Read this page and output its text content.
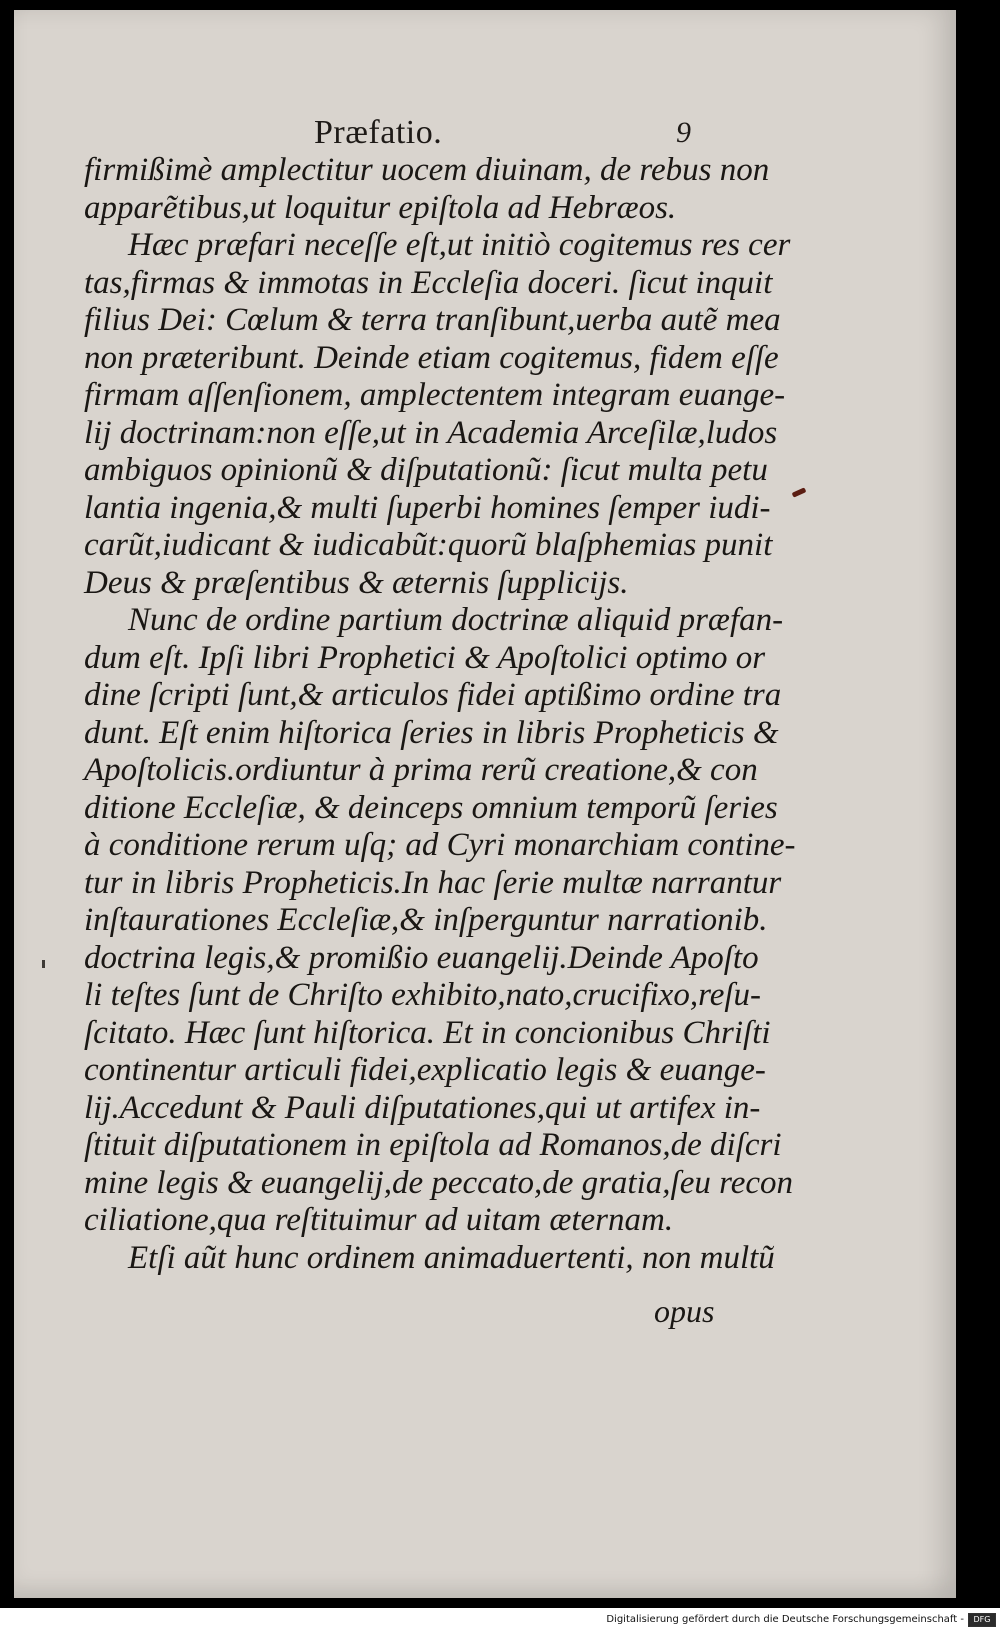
Præfatio.	9
firmißimè amplectitur uocem diuinam, de rebus non
apparẽtibus,ut loquitur epiſtola ad Hebræos.
Hæc præfari neceſſe eſt,ut initiò cogitemus res cer
tas,firmas & immotas in Eccleſia doceri. ſicut inquit
filius Dei: Cœlum & terra tranſibunt,uerba autẽ mea
non præteribunt. Deinde etiam cogitemus, fidem eſſe
firmam aſſenſionem, amplectentem integram euange-
lij doctrinam:non eſſe,ut in Academia Arceſilæ,ludos
ambiguos opinionũ & diſputationũ: ſicut multa petu
lantia ingenia,& multi ſuperbi homines ſemper iudi-
carũt,iudicant & iudicabũt:quorũ blaſphemias punit
Deus & præſentibus & æternis ſupplicijs.
Nunc de ordine partium doctrinæ aliquid præfan-
dum eſt. Ipſi libri Prophetici & Apoſtolici optimo or
dine ſcripti ſunt,& articulos fidei aptißimo ordine tra
dunt. Eſt enim hiſtorica ſeries in libris Propheticis &
Apoſtolicis.ordiuntur à prima rerũ creatione,& con
ditione Eccleſiæ, & deinceps omnium temporũ ſeries
à conditione rerum uſq; ad Cyri monarchiam contine-
tur in libris Propheticis.In hac ſerie multæ narrantur
inſtaurationes Eccleſiæ,& inſperguntur narrationib.
doctrina legis,& promißio euangelij.Deinde Apoſto
li teſtes ſunt de Chriſto exhibito,nato,crucifixo,reſu-
ſcitato. Hæc ſunt hiſtorica. Et in concionibus Chriſti
continentur articuli fidei,explicatio legis & euange-
lij.Accedunt & Pauli diſputationes,qui ut artifex in-
ſtituit diſputationem in epiſtola ad Romanos,de diſcri
mine legis & euangelij,de peccato,de gratia,ſeu recon
ciliatione,qua reſtituimur ad uitam æternam.
Etſi aũt hunc ordinem animaduertenti, non multũ
opus
Digitalisierung gefördert durch die Deutsche Forschungsgemeinschaft -	DFG
